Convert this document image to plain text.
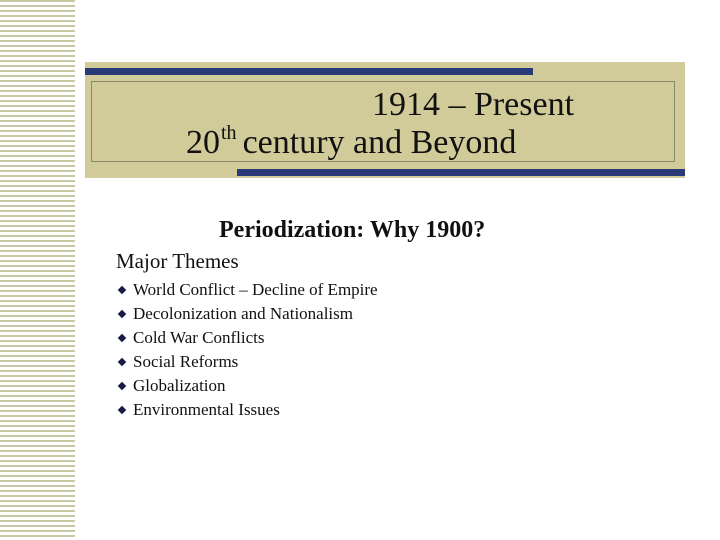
1914 – Present
20th century and Beyond
Periodization: Why 1900?
Major Themes
World Conflict – Decline of Empire
Decolonization and Nationalism
Cold War Conflicts
Social Reforms
Globalization
Environmental Issues
